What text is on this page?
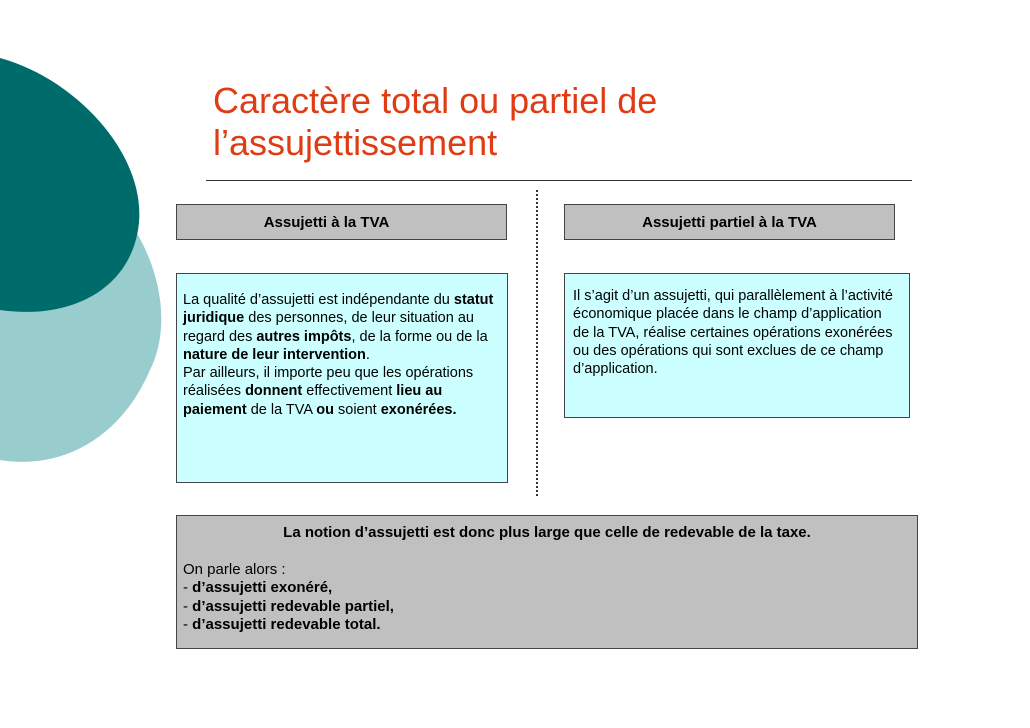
Caractère total ou partiel de
l’assujettissement
Assujetti à la TVA	Assujetti partiel à la TVA
La qualité d’assujetti est indépendante du statut juridique des personnes, de leur situation au regard des autres impôts, de la forme ou de la nature de leur intervention.
Par ailleurs, il importe peu que les opérations réalisées donnent effectivement lieu au paiement de la TVA ou soient exonérées.
Il s’agit d’un assujetti, qui parallèlement à l’activité économique placée dans le champ d’application de la TVA, réalise certaines opérations exonérées ou des opérations qui sont exclues de ce champ d’application.
La notion d’assujetti est donc plus large que celle de redevable de la taxe.
On parle alors :
- d’assujetti exonéré,
- d’assujetti redevable partiel,
- d’assujetti redevable total.
